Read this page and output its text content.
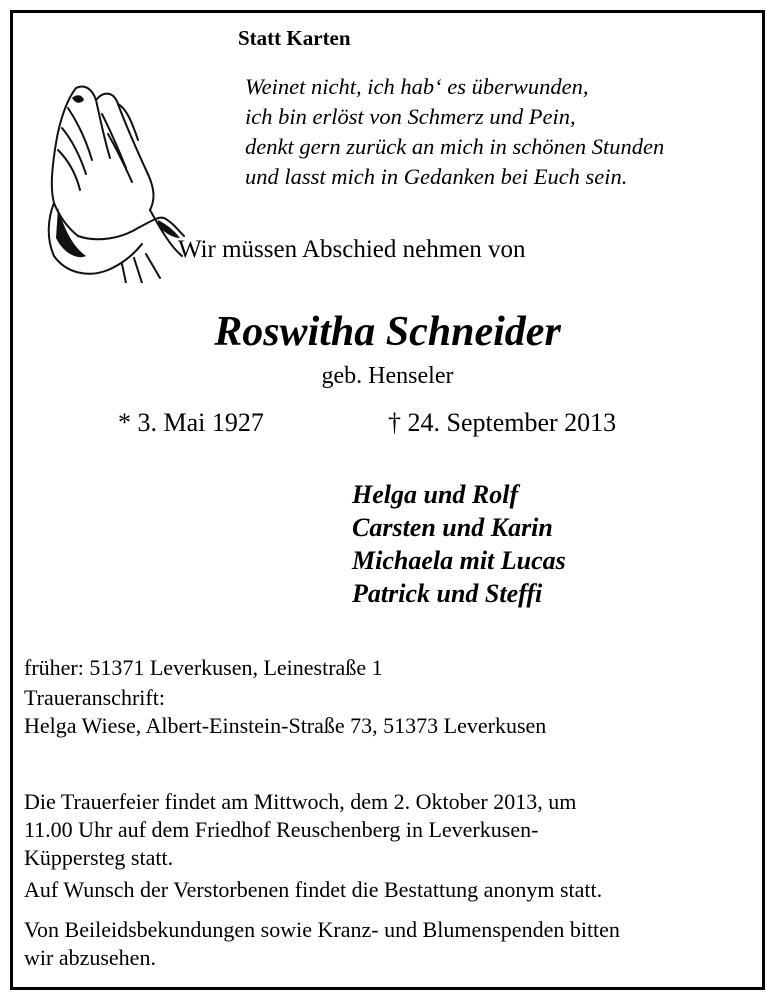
Statt Karten
Weinet nicht, ich hab‘ es überwunden,
ich bin erlöst von Schmerz und Pein,
denkt gern zurück an mich in schönen Stunden
und lasst mich in Gedanken bei Euch sein.
Wir müssen Abschied nehmen von
Roswitha Schneider
geb. Henseler
* 3. Mai 1927	† 24. September 2013
Helga und Rolf
Carsten und Karin
Michaela mit Lucas
Patrick und Steffi
früher: 51371 Leverkusen, Leinestraße 1
Traueranschrift:
Helga Wiese, Albert-Einstein-Straße 73, 51373 Leverkusen
Die Trauerfeier findet am Mittwoch, dem 2. Oktober 2013, um
11.00 Uhr auf dem Friedhof Reuschenberg in Leverkusen-
Küppersteg statt.
Auf Wunsch der Verstorbenen findet die Bestattung anonym statt.
Von Beileidsbekundungen sowie Kranz- und Blumenspenden bitten
wir abzusehen.
